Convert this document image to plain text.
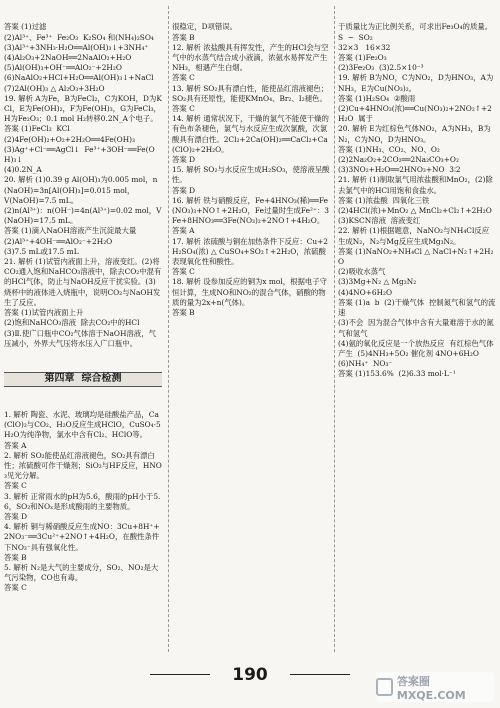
答案 (1)过滤
(2)Al³⁺、Fe³⁺  Fe₂O₃  K₂SO₄ 和(NH₄)₂SO₄
(3)Al³⁺+3NH₃·H₂O══Al(OH)₃↓+3NH₄⁺
(4)Al₂O₃+2NaOH══2NaAlO₂+H₂O
(5)Al(OH)₃+OH⁻══AlO₂⁻+2H₂O
(6)NaAlO₂+HCl+H₂O══Al(OH)₃↓+NaCl
(7)2Al(OH)₃ △ Al₂O₃+3H₂O
19. 解析 A为Fe，B为FeCl₂，C为KOH，D为KCl，E为Fe(OH)₂，F为Fe(OH)₃，G为FeCl₃，H为Fe₂O₃；0.1 mol H₂转移0.2N_A个电子。
答案 (1)FeCl₂  KCl
(2)4Fe(OH)₂+O₂+2H₂O══4Fe(OH)₃
(3)Ag⁺+Cl⁻══AgCl↓  Fe³⁺+3OH⁻══Fe(OH)₃↓
(4)0.2N_A
20. 解析 (1)0.39 g Al(OH)₃为0.005 mol，n(NaOH)=3n[Al(OH)₃]=0.015 mol，
V(NaOH)=7.5 mL。
(2)n(Al³⁺)：n(OH⁻)=4n(Al³⁺)=0.02 mol，V(NaOH)=17.5 mL。
答案 (1)滴入NaOH溶液产生沉淀最大量
(2)Al³⁺+4OH⁻══AlO₂⁻+2H₂O
(3)7.5 mL或17.5 mL
21. 解析 (1)试管内液面上升，溶液变红。(2)将CO₂通入饱和NaHCO₃溶液中，除去CO₂中混有的HCl气体，防止与NaOH反应干扰实验。(3)烧杯中的液体进入烧瓶中，说明CO₂与NaOH发生了反应。
答案 (1)试管内液面上升
(2)饱和NaHCO₃溶液  除去CO₂中的HCl
(3)Ⅱ.使广口瓶中CO₂气体溶于NaOH溶液，气压减小，外界大气压将水压入广口瓶中。

第四章  综合检测

1. 解析 陶瓷、水泥、玻璃均是硅酸盐产品，Ca(ClO)₂与CO₂、H₂O反应生成HClO，CuSO₄·5H₂O为纯净物，氯水中含有Cl₂、HClO等。
答案 A
2. 解析 SO₂能使品红溶液褪色，SO₂具有漂白性；浓硫酸可作干燥剂；SiO₂与HF反应，HNO₃见光分解。
答案 C
3. 解析 正常雨水的pH为5.6，酸雨的pH小于5.6，SO₂和NOₓ是形成酸雨的主要物质。
答案 D
4. 解析 铜与稀硝酸反应生成NO：3Cu+8H⁺+2NO₃⁻══3Cu²⁺+2NO↑+4H₂O，在酸性条件下NO₃⁻具有强氧化性。
答案 B
5. 解析 N₂是大气的主要成分，SO₂、NO₂是大气污染物，CO也有毒。
答案 C

很稳定，D项错误。
答案 B
12. 解析 浓盐酸具有挥发性，产生的HCl会与空气中的水蒸气结合成小液滴，浓氨水易挥发产生NH₃，相遇产生白烟。
答案 C
13. 解析 SO₂具有漂白性，能使品红溶液褪色；SO₂具有还原性，能使KMnO₄、Br₂、I₂褪色。
答案 C
14. 解析 通常状况下，干燥的氯气不能使干燥的有色布条褪色，氯气与水反应生成次氯酸，次氯酸具有漂白性。2Cl₂+2Ca(OH)₂══CaCl₂+Ca(ClO)₂+2H₂O。
答案 D
15. 解析 SO₂与水反应生成H₂SO₃，使溶液呈酸性。
答案 D
16. 解析 铁与硝酸反应，Fe+4HNO₃(稀)══Fe(NO₃)₃+NO↑+2H₂O，Fe过量时生成Fe²⁺：3Fe+8HNO₃══3Fe(NO₃)₂+2NO↑+4H₂O。
答案 A
17. 解析 浓硫酸与铜在加热条件下反应：Cu+2H₂SO₄(浓) △ CuSO₄+SO₂↑+2H₂O，浓硫酸表现氧化性和酸性。
答案 C
18. 解析 设参加反应的铜为x mol，根据电子守恒计算，生成NO和NO₂的混合气体，硝酸的物质的量为2x+n(气体)。
答案 B

于质量比为正比例关系，可求出Fe₃O₄的质量。
S  ~  SO₂
32×3   16×32
答案 (1)Fe₂O₃
(2)3Fe₂O₃  (3)2.5×10⁻³
19. 解析 B为NO，C为NO₂，D为HNO₃，A为NH₃，E为Cu(NO₃)₂。
答案 (1)H₂SO₄  ②酸雨
(2)Cu+4HNO₃(浓)══Cu(NO₃)₂+2NO₂↑+2H₂O  属于
20. 解析 E为红棕色气体NO₂，A为NH₃，B为N₂，C为NO，D为HNO₃。
答案 (1)NH₃、CO₂、NO、O₂
(2)2Na₂O₂+2CO₂══2Na₂CO₃+O₂
(3)3NO₂+H₂O══2HNO₃+NO  3∶2
21. 解析 (1)制取氯气用浓盐酸和MnO₂，(2)除去氯气中的HCl用饱和食盐水。
答案 (1)浓盐酸  四氧化三铁
(2)4HCl(浓)+MnO₂ △ MnCl₂+Cl₂↑+2H₂O
(3)KSCN溶液  溶液变红
22. 解析 (1)根据题意，NaNO₂与NH₄Cl反应生成N₂，N₂与Mg反应生成Mg₃N₂。
答案 (1)NaNO₂+NH₄Cl △ NaCl+N₂↑+2H₂O
(2)吸收水蒸气
(3)3Mg+N₂ △ Mg₃N₂
(4)4NO+6H₂O
答案 (1)a  b  (2)干燥气体  控制氮气和氢气的流速
(3)不会  因为混合气体中含有大量难溶于水的氮气和氢气
(4)氨的氧化反应是一个放热反应  有红棕色气体产生  (5)4NH₃+5O₂ 催化剂 4NO+6H₂O
(6)NH₄⁺  NO₃⁻
答案 (1)153.6%  (2)6.33 mol·L⁻¹

190	答案圈 MXQE.COM
